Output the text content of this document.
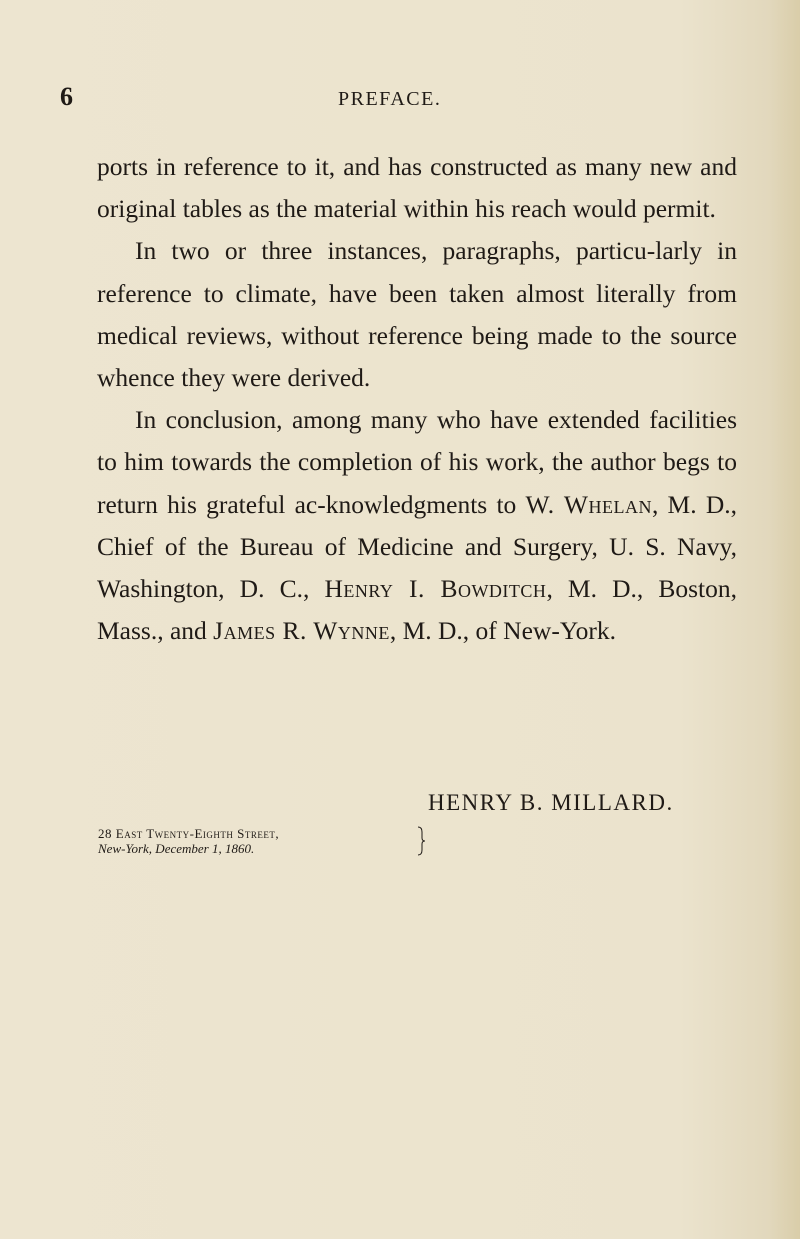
6	PREFACE.

ports in reference to it, and has constructed as many new and original tables as the material within his reach would permit.

In two or three instances, paragraphs, particu-larly in reference to climate, have been taken almost literally from medical reviews, without reference being made to the source whence they were derived.

In conclusion, among many who have extended facilities to him towards the completion of his work, the author begs to return his grateful ac-knowledgments to W. Whelan, M. D., Chief of the Bureau of Medicine and Surgery, U. S. Navy, Washington, D. C., Henry I. Bowditch, M. D., Boston, Mass., and James R. Wynne, M. D., of New-York.

HENRY B. MILLARD.
28 East Twenty-Eighth Street,
New-York, December 1, 1860.
